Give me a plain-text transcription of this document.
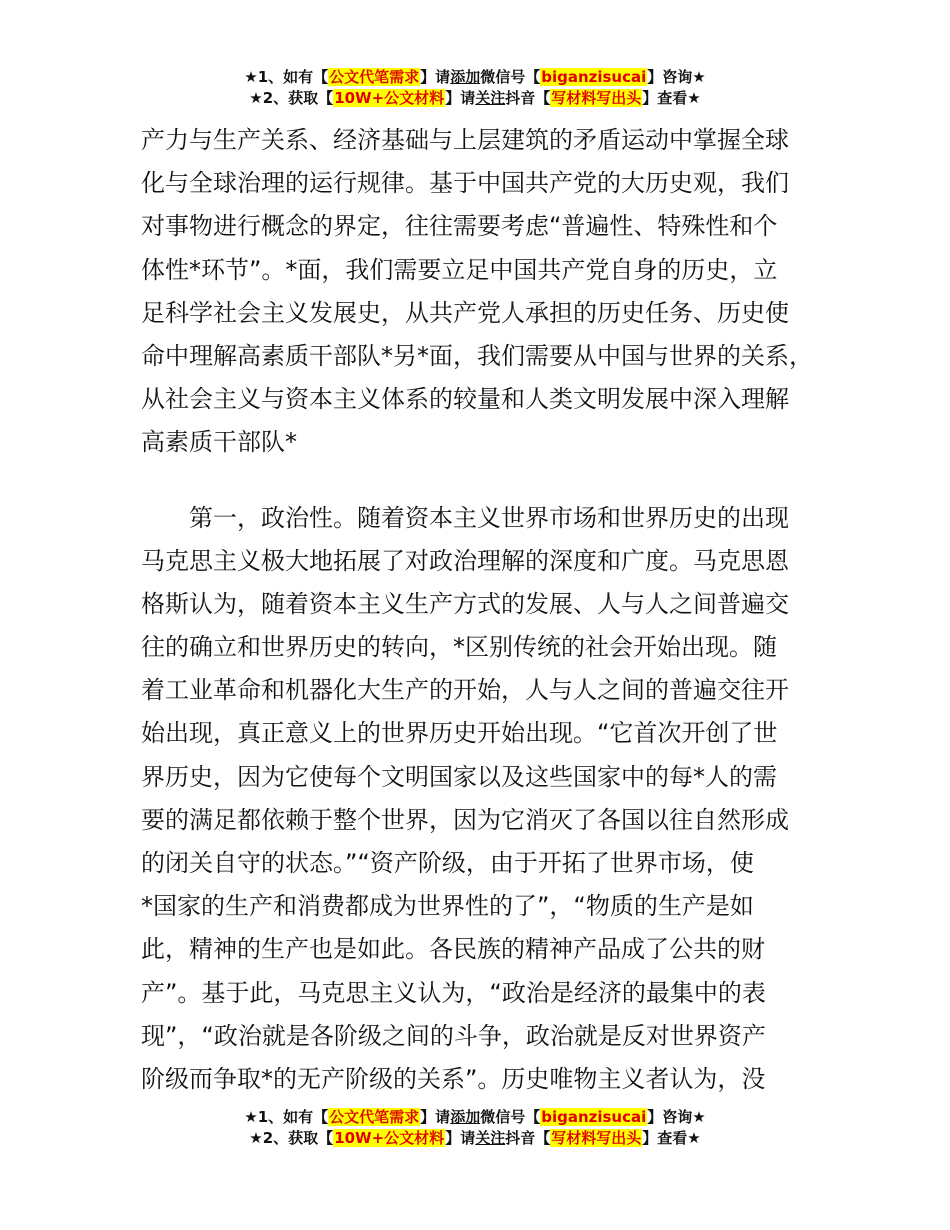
★1、如有【公文代笔需求】请添加微信号【biganzisucai】咨询★
★2、获取【10W+公文材料】请关注抖音【写材料写出头】查看★
产力与生产关系、经济基础与上层建筑的矛盾运动中掌握全球
化与全球治理的运行规律。基于中国共产党的大历史观，我们
对事物进行概念的界定，往往需要考虑“普遍性、特殊性和个
体性*环节”。*面，我们需要立足中国共产党自身的历史，立
足科学社会主义发展史，从共产党人承担的历史任务、历史使
命中理解高素质干部队*另*面，我们需要从中国与世界的关系，
从社会主义与资本主义体系的较量和人类文明发展中深入理解
高素质干部队*
第一，政治性。随着资本主义世界市场和世界历史的出现
马克思主义极大地拓展了对政治理解的深度和广度。马克思恩
格斯认为，随着资本主义生产方式的发展、人与人之间普遍交
往的确立和世界历史的转向，*区别传统的社会开始出现。随
着工业革命和机器化大生产的开始，人与人之间的普遍交往开
始出现，真正意义上的世界历史开始出现。“它首次开创了世
界历史，因为它使每个文明国家以及这些国家中的每*人的需
要的满足都依赖于整个世界，因为它消灭了各国以往自然形成
的闭关自守的状态。”“资产阶级，由于开拓了世界市场，使
*国家的生产和消费都成为世界性的了”，“物质的生产是如
此，精神的生产也是如此。各民族的精神产品成了公共的财
产”。基于此，马克思主义认为，“政治是经济的最集中的表
现”，“政治就是各阶级之间的斗争，政治就是反对世界资产
阶级而争取*的无产阶级的关系”。历史唯物主义者认为，没
★1、如有【公文代笔需求】请添加微信号【biganzisucai】咨询★
★2、获取【10W+公文材料】请关注抖音【写材料写出头】查看★
